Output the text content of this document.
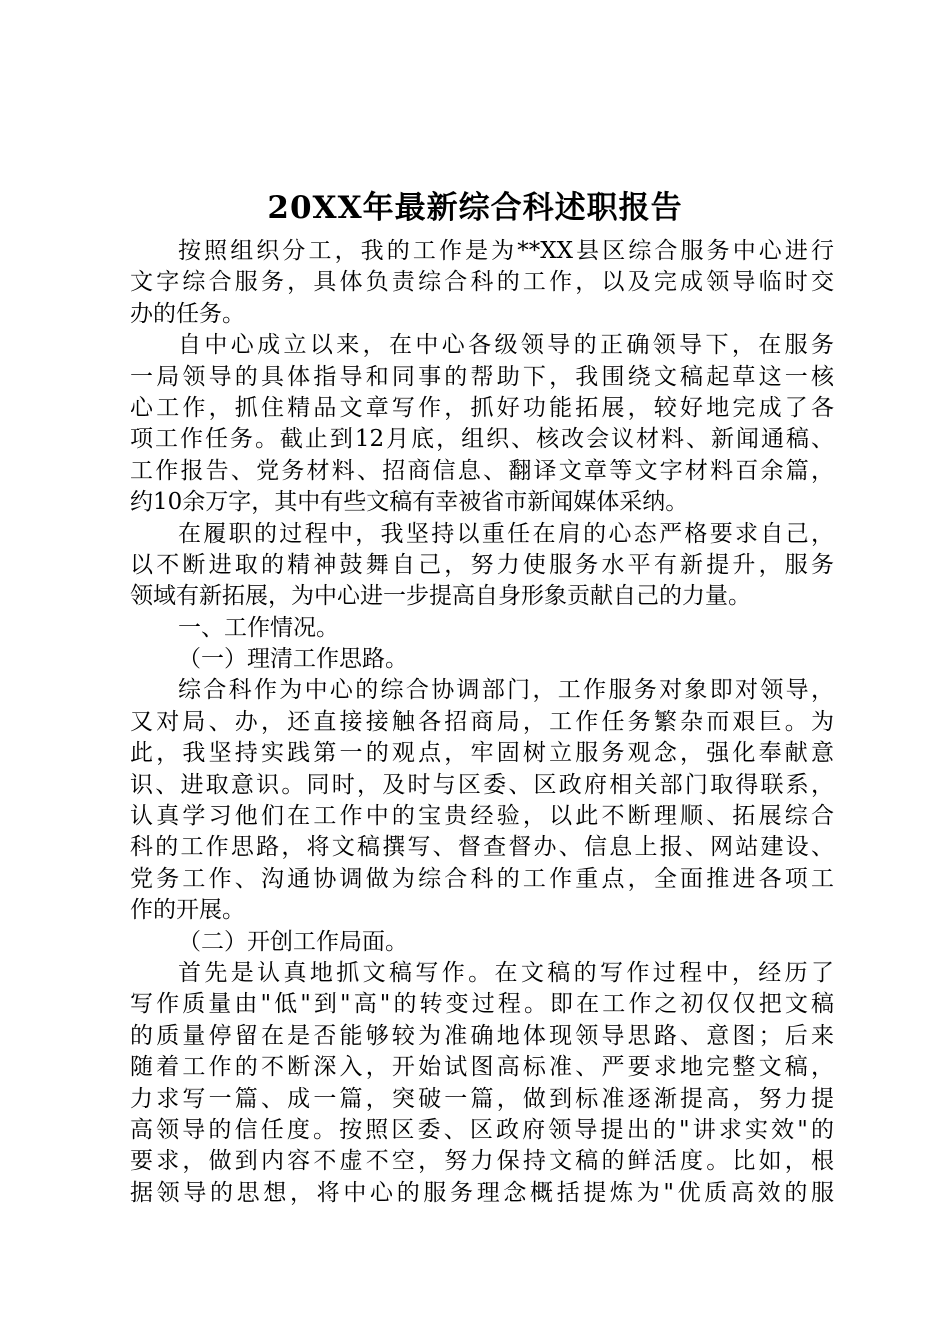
20XX年最新综合科述职报告
按照组织分工，我的工作是为**XX县区综合服务中心进行
文字综合服务，具体负责综合科的工作，以及完成领导临时交
办的任务。
自中心成立以来，在中心各级领导的正确领导下，在服务
一局领导的具体指导和同事的帮助下，我围绕文稿起草这一核
心工作，抓住精品文章写作，抓好功能拓展，较好地完成了各
项工作任务。截止到12月底，组织、核改会议材料、新闻通稿、
工作报告、党务材料、招商信息、翻译文章等文字材料百余篇，
约10余万字，其中有些文稿有幸被省市新闻媒体采纳。
在履职的过程中，我坚持以重任在肩的心态严格要求自己，
以不断进取的精神鼓舞自己，努力使服务水平有新提升，服务
领域有新拓展，为中心进一步提高自身形象贡献自己的力量。
一、工作情况。
（一）理清工作思路。
综合科作为中心的综合协调部门，工作服务对象即对领导，
又对局、办，还直接接触各招商局，工作任务繁杂而艰巨。为
此，我坚持实践第一的观点，牢固树立服务观念，强化奉献意
识、进取意识。同时，及时与区委、区政府相关部门取得联系，
认真学习他们在工作中的宝贵经验，以此不断理顺、拓展综合
科的工作思路，将文稿撰写、督查督办、信息上报、网站建设、
党务工作、沟通协调做为综合科的工作重点，全面推进各项工
作的开展。
（二）开创工作局面。
首先是认真地抓文稿写作。在文稿的写作过程中，经历了
写作质量由"低"到"高"的转变过程。即在工作之初仅仅把文稿
的质量停留在是否能够较为准确地体现领导思路、意图；后来
随着工作的不断深入，开始试图高标准、严要求地完整文稿，
力求写一篇、成一篇，突破一篇，做到标准逐渐提高，努力提
高领导的信任度。按照区委、区政府领导提出的"讲求实效"的
要求，做到内容不虚不空，努力保持文稿的鲜活度。比如，根
据领导的思想，将中心的服务理念概括提炼为"优质高效的服
